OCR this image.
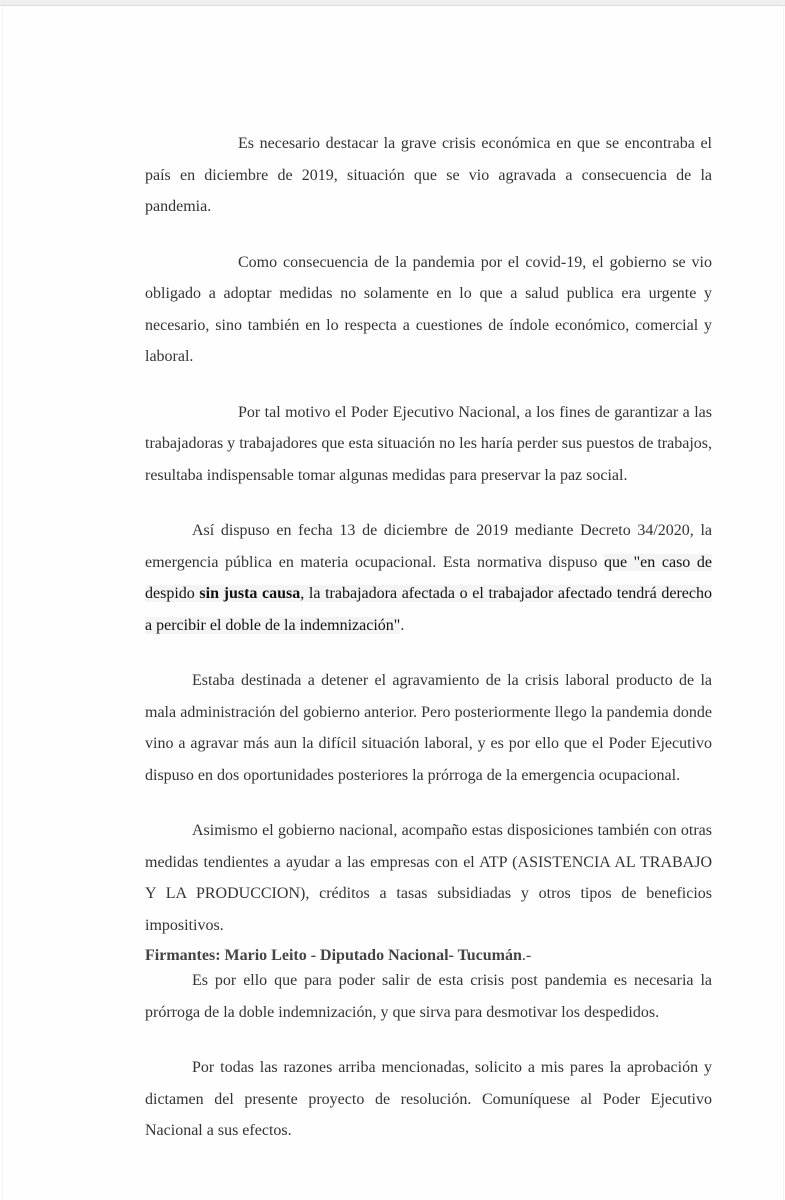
Es necesario destacar la grave crisis económica en que se encontraba el país en diciembre de 2019, situación que se vio agravada a consecuencia de la pandemia.

Como consecuencia de la pandemia por el covid-19, el gobierno se vio obligado a adoptar medidas no solamente en lo que a salud publica era urgente y necesario, sino también en lo respecta a cuestiones de índole económico, comercial y laboral.

Por tal motivo el Poder Ejecutivo Nacional, a los fines de garantizar a las trabajadoras y trabajadores que esta situación no les haría perder sus puestos de trabajos, resultaba indispensable tomar algunas medidas para preservar la paz social.

Así dispuso en fecha 13 de diciembre de 2019 mediante Decreto 34/2020, la emergencia pública en materia ocupacional. Esta normativa dispuso que "en caso de despido sin justa causa, la trabajadora afectada o el trabajador afectado tendrá derecho a percibir el doble de la indemnización".

Estaba destinada a detener el agravamiento de la crisis laboral producto de la mala administración del gobierno anterior. Pero posteriormente llego la pandemia donde vino a agravar más aun la difícil situación laboral, y es por ello que el Poder Ejecutivo dispuso en dos oportunidades posteriores la prórroga de la emergencia ocupacional.

Asimismo el gobierno nacional, acompaño estas disposiciones también con otras medidas tendientes a ayudar a las empresas con el ATP (ASISTENCIA AL TRABAJO Y LA PRODUCCION), créditos a tasas subsidiadas y otros tipos de beneficios impositivos.

Es por ello que para poder salir de esta crisis post pandemia es necesaria la prórroga de la doble indemnización, y que sirva para desmotivar los despedidos.

Por todas las razones arriba mencionadas, solicito a mis pares la aprobación y dictamen del presente proyecto de resolución. Comuníquese al Poder Ejecutivo Nacional a sus efectos.

Firmantes: Mario Leito - Diputado Nacional- Tucumán.-
